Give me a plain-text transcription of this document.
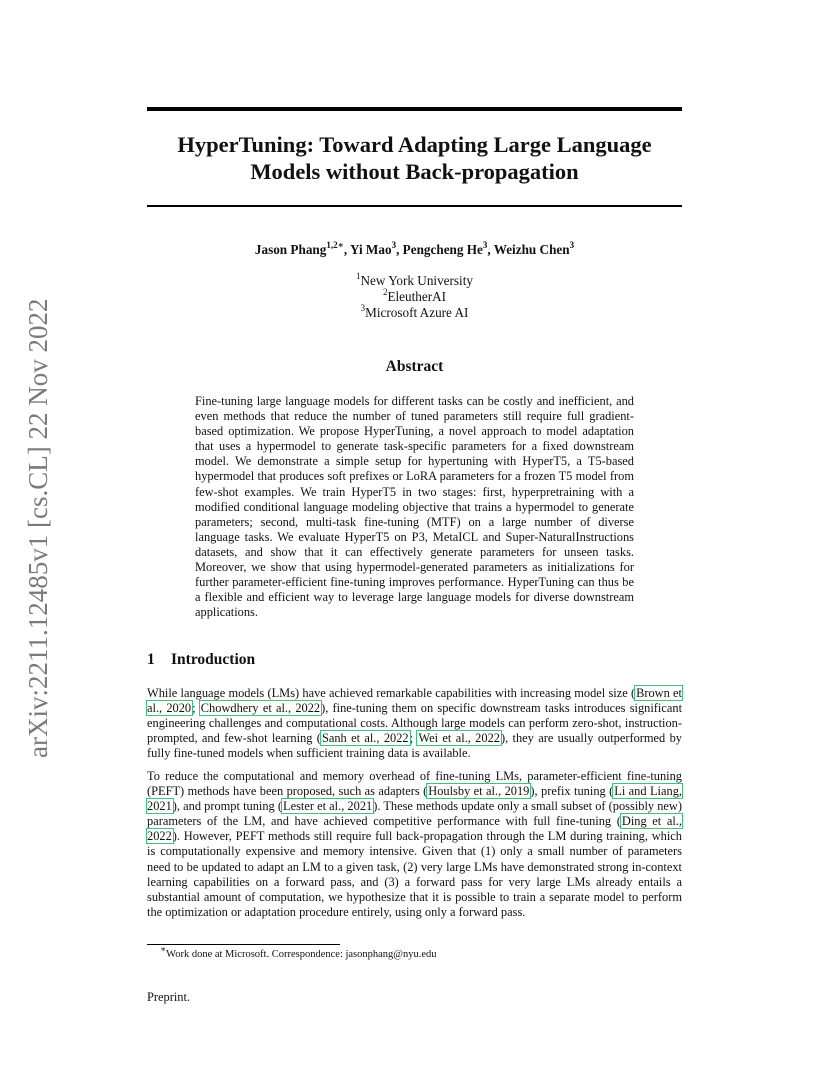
arXiv:2211.12485v1 [cs.CL] 22 Nov 2022
HyperTuning: Toward Adapting Large Language
Models without Back-propagation
Jason Phang$^{1,2∗}$, Yi Mao$^3$, Pengcheng He$^3$, Weizhu Chen$^3$
$^1$New York University
$^2$EleutherAI
$^3$Microsoft Azure AI
Abstract

Fine-tuning large language models for different tasks can be costly and inefficient, and even methods that reduce the number of tuned parameters still require full gradient-based optimization. We propose HyperTuning, a novel approach to model adaptation that uses a hypermodel to generate task-specific parameters for a fixed downstream model. We demonstrate a simple setup for hypertuning with HyperT5, a T5-based hypermodel that produces soft prefixes or LoRA parameters for a frozen T5 model from few-shot examples. We train HyperT5 in two stages: first, hyperpretraining with a modified conditional language modeling objective that trains a hypermodel to generate parameters; second, multi-task fine-tuning (MTF) on a large number of diverse language tasks. We evaluate HyperT5 on P3, MetaICL and Super-NaturalInstructions datasets, and show that it can effectively generate parameters for unseen tasks. Moreover, we show that using hypermodel-generated parameters as initializations for further parameter-efficient fine-tuning improves performance. HyperTuning can thus be a flexible and efficient way to leverage large language models for diverse downstream applications.

1 Introduction

While language models (LMs) have achieved remarkable capabilities with increasing model size (Brown et al., 2020; Chowdhery et al., 2022), fine-tuning them on specific downstream tasks introduces significant engineering challenges and computational costs. Although large models can perform zero-shot, instruction-prompted, and few-shot learning (Sanh et al., 2022; Wei et al., 2022), they are usually outperformed by fully fine-tuned models when sufficient training data is available.

To reduce the computational and memory overhead of fine-tuning LMs, parameter-efficient fine-tuning (PEFT) methods have been proposed, such as adapters (Houlsby et al., 2019), prefix tuning (Li and Liang, 2021), and prompt tuning (Lester et al., 2021). These methods update only a small subset of (possibly new) parameters of the LM, and have achieved competitive performance with full fine-tuning (Ding et al., 2022). However, PEFT methods still require full back-propagation through the LM during training, which is computationally expensive and memory intensive. Given that (1) only a small number of parameters need to be updated to adapt an LM to a given task, (2) very large LMs have demonstrated strong in-context learning capabilities on a forward pass, and (3) a forward pass for very large LMs already entails a substantial amount of computation, we hypothesize that it is possible to train a separate model to perform the optimization or adaptation procedure entirely, using only a forward pass.

∗Work done at Microsoft. Correspondence: jasonphang@nyu.edu
Preprint.
